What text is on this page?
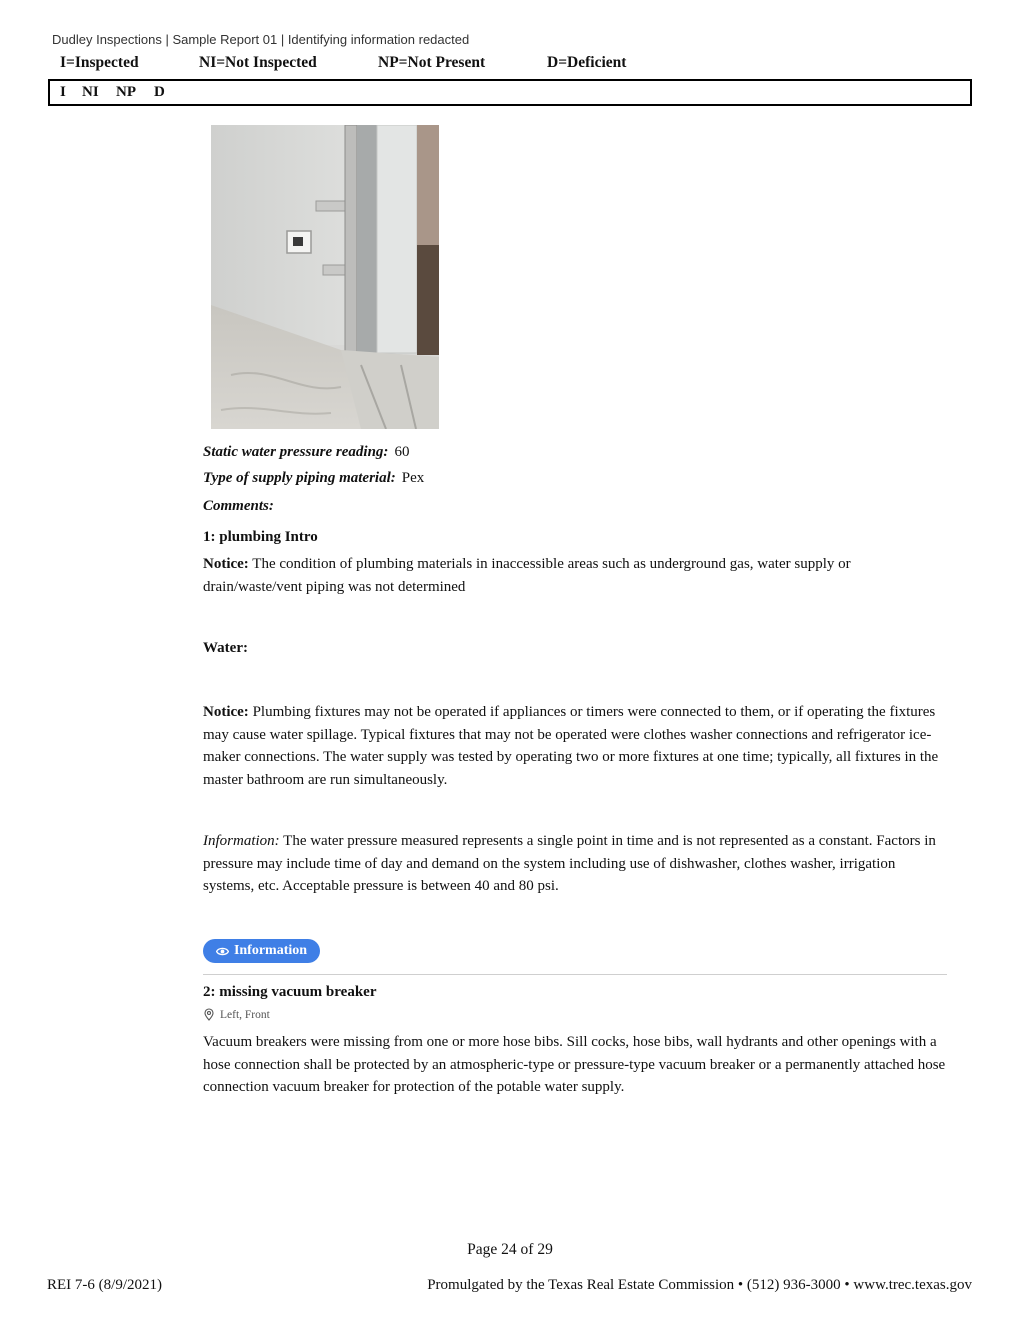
Dudley Inspections | Sample Report 01 | Identifying information redacted
I=Inspected	NI=Not Inspected	NP=Not Present	D=Deficient
I NI NP D
Static water pressure reading: 60
Type of supply piping material: Pex
Comments:
1: plumbing Intro

Notice: The condition of plumbing materials in inaccessible areas such as underground gas, water supply or drain/waste/vent piping was not determined

Water:

Notice: Plumbing fixtures may not be operated if appliances or timers were connected to them, or if operating the fixtures may cause water spillage. Typical fixtures that may not be operated were clothes washer connections and refrigerator ice-maker connections. The water supply was tested by operating two or more fixtures at one time; typically, all fixtures in the master bathroom are run simultaneously.

Information: The water pressure measured represents a single point in time and is not represented as a constant. Factors in pressure may include time of day and demand on the system including use of dishwasher, clothes washer, irrigation systems, etc. Acceptable pressure is between 40 and 80 psi.

Information
2: missing vacuum breaker
Left, Front

Vacuum breakers were missing from one or more hose bibs. Sill cocks, hose bibs, wall hydrants and other openings with a hose connection shall be protected by an atmospheric-type or pressure-type vacuum breaker or a permanently attached hose connection vacuum breaker for protection of the potable water supply.

Page 24 of 29
REI 7-6 (8/9/2021)	Promulgated by the Texas Real Estate Commission • (512) 936-3000 • www.trec.texas.gov
